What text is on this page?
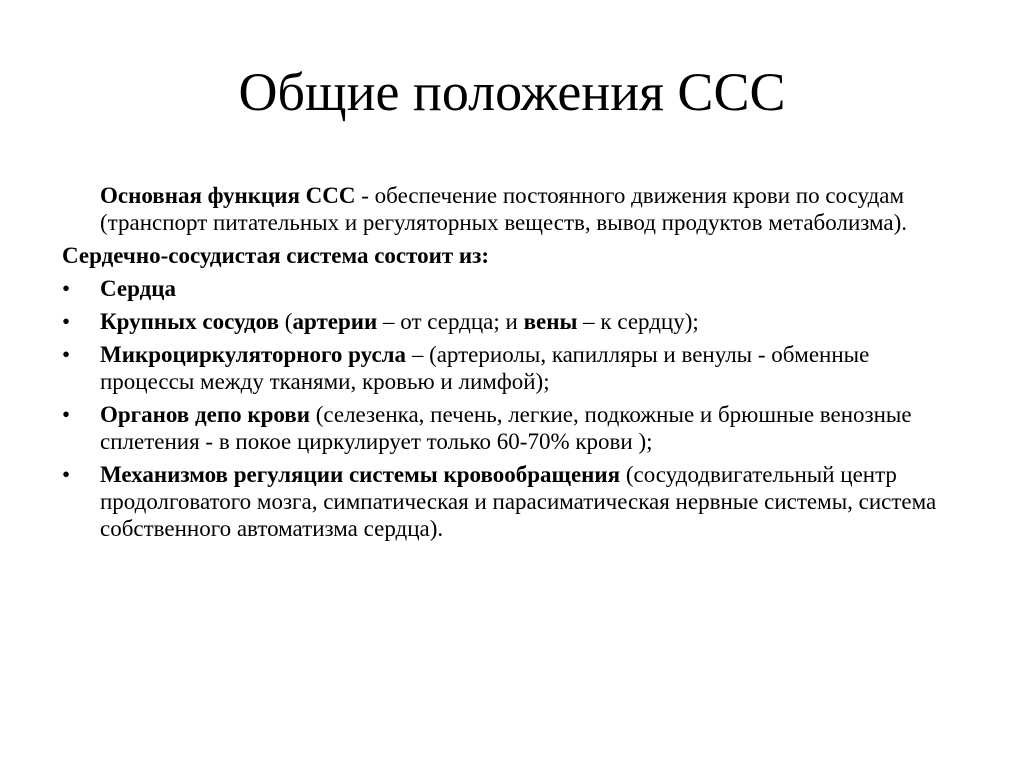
Общие положения ССС

Основная функция ССС - обеспечение постоянного движения крови по сосудам (транспорт питательных и регуляторных веществ, вывод продуктов метаболизма).

Сердечно-сосудистая система состоит из:

• Сердца
• Крупных сосудов (артерии – от сердца; и вены – к сердцу);
• Микроциркуляторного русла – (артериолы, капилляры и венулы - обменные процессы между тканями, кровью и лимфой);
• Органов депо крови (селезенка, печень, легкие, подкожные и брюшные венозные сплетения - в покое циркулирует только 60-70% крови );
• Механизмов регуляции системы кровообращения (сосудодвигательный центр продолговатого мозга, симпатическая и парасиматическая нервные системы, система собственного автоматизма сердца).
